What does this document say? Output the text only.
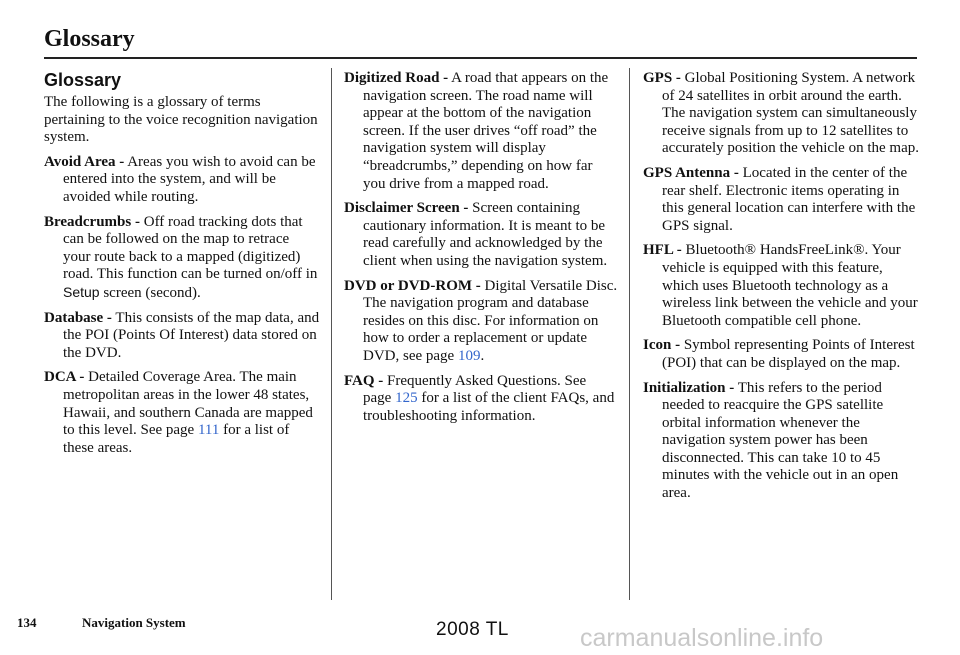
Glossary
Glossary
The following is a glossary of terms pertaining to the voice recognition navigation system.
Avoid Area - Areas you wish to avoid can be entered into the system, and will be avoided while routing.
Breadcrumbs - Off road tracking dots that can be followed on the map to retrace your route back to a mapped (digitized) road. This function can be turned on/off in Setup screen (second).
Database - This consists of the map data, and the POI (Points Of Interest) data stored on the DVD.
DCA - Detailed Coverage Area. The main metropolitan areas in the lower 48 states, Hawaii, and southern Canada are mapped to this level. See page 111 for a list of these areas.
Digitized Road - A road that appears on the navigation screen. The road name will appear at the bottom of the navigation screen. If the user drives “off road” the navigation system will display “breadcrumbs,” depending on how far you drive from a mapped road.
Disclaimer Screen - Screen containing cautionary information. It is meant to be read carefully and acknowledged by the client when using the navigation system.
DVD or DVD-ROM - Digital Versatile Disc. The navigation program and database resides on this disc. For information on how to order a replacement or update DVD, see page 109.
FAQ - Frequently Asked Questions. See page 125 for a list of the client FAQs, and troubleshooting information.
GPS - Global Positioning System. A network of 24 satellites in orbit around the earth. The navigation system can simultaneously receive signals from up to 12 satellites to accurately position the vehicle on the map.
GPS Antenna - Located in the center of the rear shelf. Electronic items operating in this general location can interfere with the GPS signal.
HFL - Bluetooth® HandsFreeLink®. Your vehicle is equipped with this feature, which uses Bluetooth technology as a wireless link between the vehicle and your Bluetooth compatible cell phone.
Icon - Symbol representing Points of Interest (POI) that can be displayed on the map.
Initialization - This refers to the period needed to reacquire the GPS satellite orbital information whenever the navigation system power has been disconnected. This can take 10 to 45 minutes with the vehicle out in an open area.
134	Navigation System	2008 TL	carmanualsonline.info
